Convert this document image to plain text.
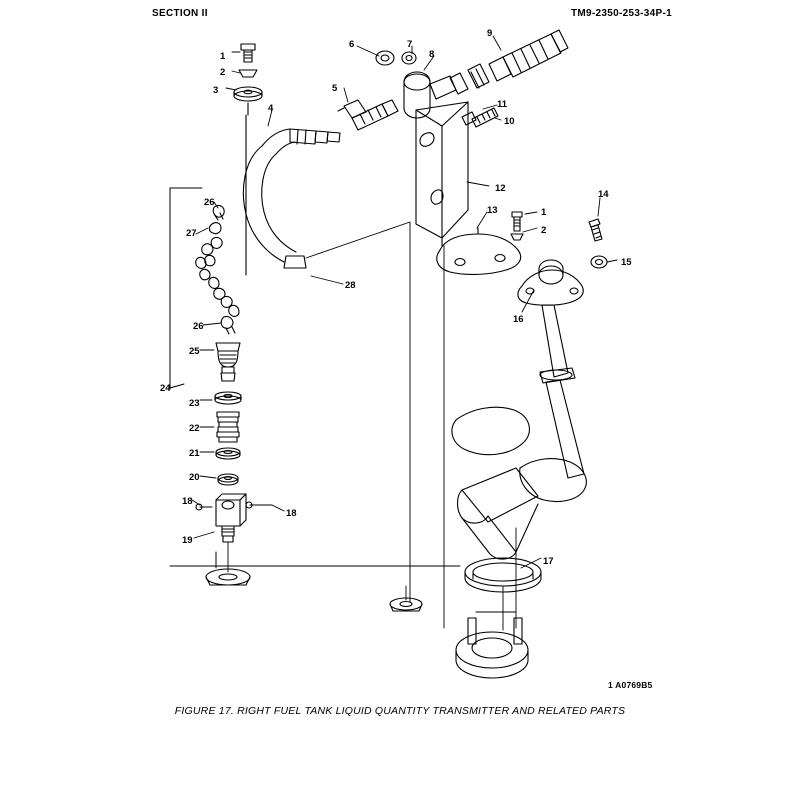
SECTION II	TM9-2350-253-34P-1
1
2
3
4
5
6	7
8
9
10
11
12
13	1
2
14
15
16
17
18
18
19
20
21
22
23
24
25
26
26
27
28
1 A0769B5
FIGURE 17. RIGHT FUEL TANK LIQUID QUANTITY TRANSMITTER AND RELATED PARTS
